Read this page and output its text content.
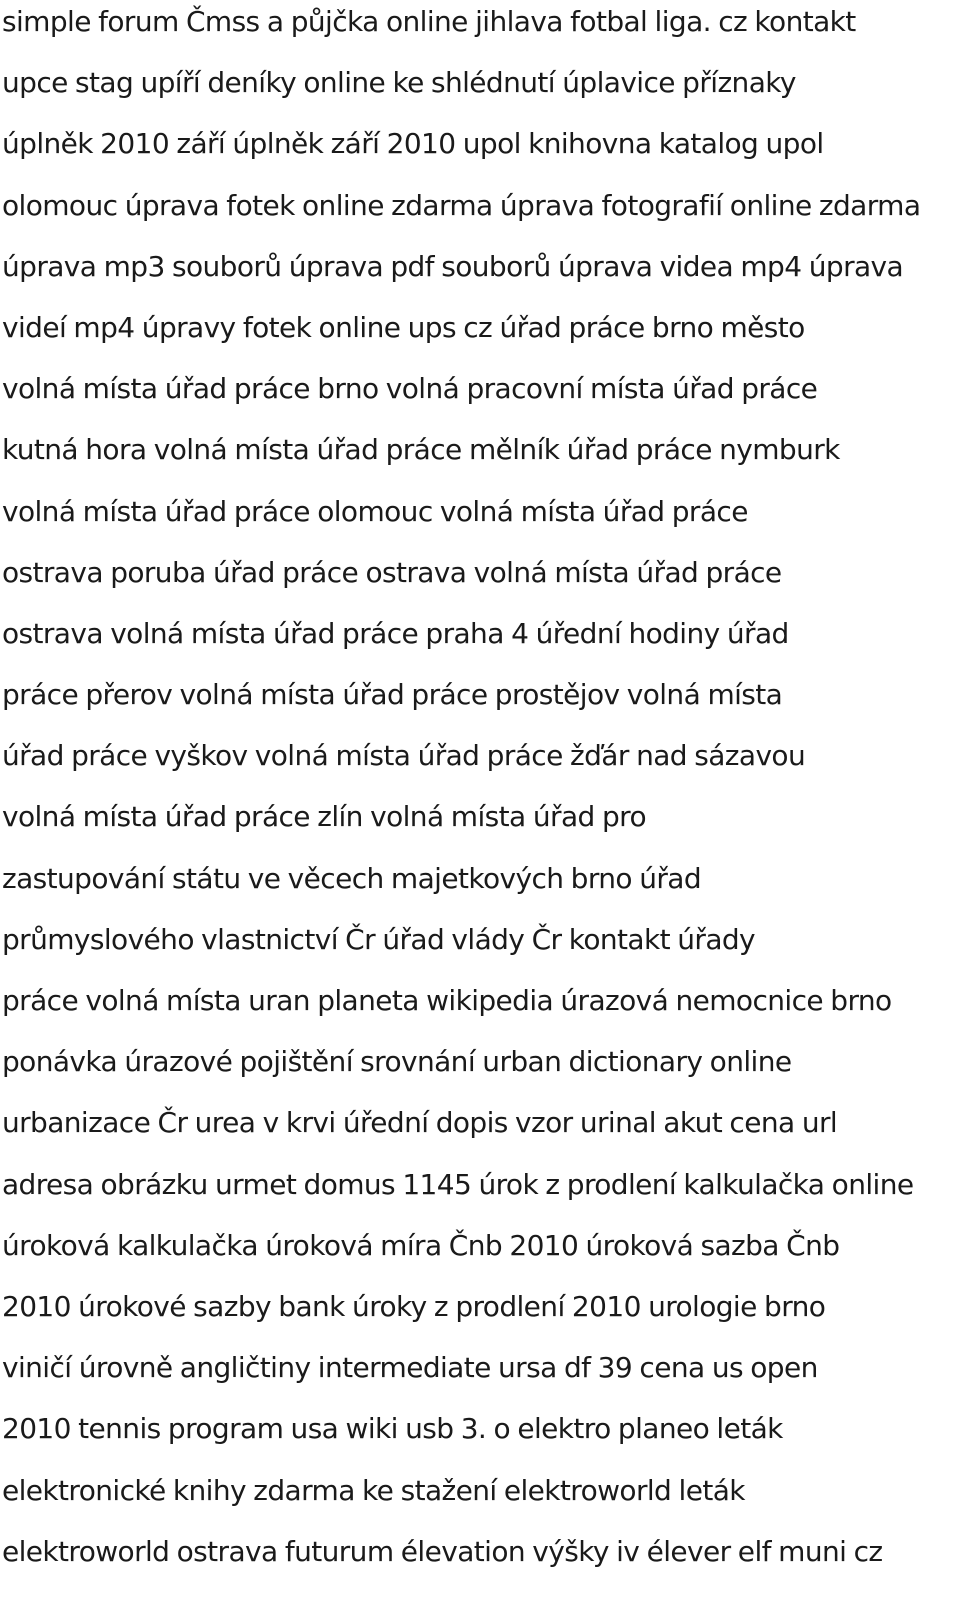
simple forum Čmss a půjčka online jihlava fotbal liga. cz kontakt
upce stag upíří deníky online ke shlédnutí úplavice příznaky
úplněk 2010 září úplněk září 2010 upol knihovna katalog upol
olomouc úprava fotek online zdarma úprava fotografií online zdarma
úprava mp3 souborů úprava pdf souborů úprava videa mp4 úprava
videí mp4 úpravy fotek online ups cz úřad práce brno město
volná místa úřad práce brno volná pracovní místa úřad práce
kutná hora volná místa úřad práce mělník úřad práce nymburk
volná místa úřad práce olomouc volná místa úřad práce
ostrava poruba úřad práce ostrava volná místa úřad práce
ostrava volná místa úřad práce praha 4 úřední hodiny úřad
práce přerov volná místa úřad práce prostějov volná místa
úřad práce vyškov volná místa úřad práce žďár nad sázavou
volná místa úřad práce zlín volná místa úřad pro
zastupování státu ve věcech majetkových brno úřad
průmyslového vlastnictví Čr úřad vlády Čr kontakt úřady
práce volná místa uran planeta wikipedia úrazová nemocnice brno
ponávka úrazové pojištění srovnání urban dictionary online
urbanizace Čr urea v krvi úřední dopis vzor urinal akut cena url
adresa obrázku urmet domus 1145 úrok z prodlení kalkulačka online
úroková kalkulačka úroková míra Čnb 2010 úroková sazba Čnb
2010 úrokové sazby bank úroky z prodlení 2010 urologie brno
viničí úrovně angličtiny intermediate ursa df 39 cena us open
2010 tennis program usa wiki usb 3. o elektro planeo leták
elektronické knihy zdarma ke stažení elektroworld leták
elektroworld ostrava futurum élevation výšky iv élever elf muni cz
